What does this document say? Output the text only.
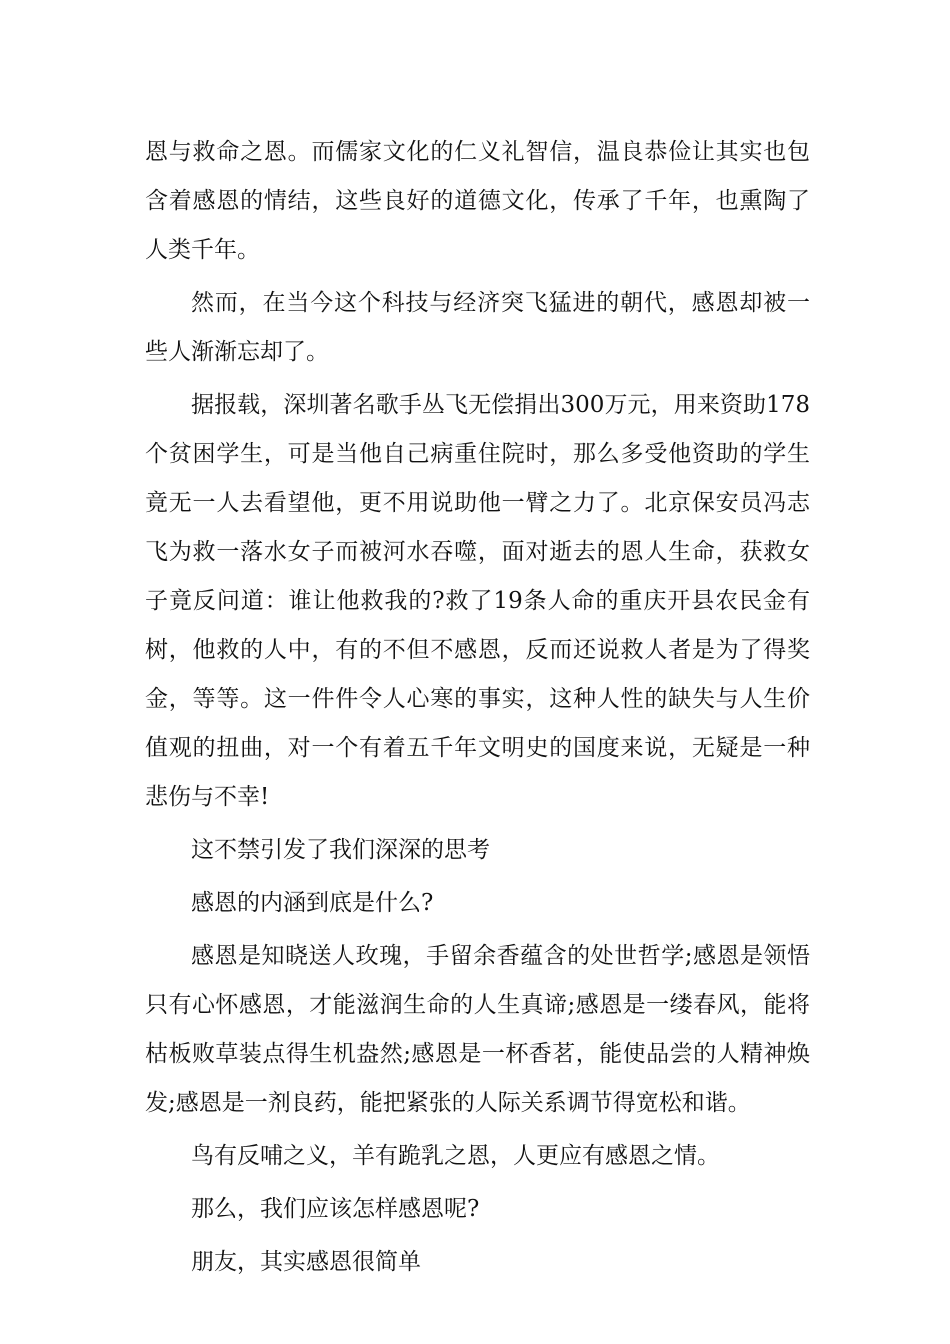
恩与救命之恩。而儒家文化的仁义礼智信，温良恭俭让其实也包含着感恩的情结，这些良好的道德文化，传承了千年，也熏陶了人类千年。

然而，在当今这个科技与经济突飞猛进的朝代，感恩却被一些人渐渐忘却了。

据报载，深圳著名歌手丛飞无偿捐出300万元，用来资助178个贫困学生，可是当他自己病重住院时，那么多受他资助的学生竟无一人去看望他，更不用说助他一臂之力了。北京保安员冯志飞为救一落水女子而被河水吞噬，面对逝去的恩人生命，获救女子竟反问道：谁让他救我的?救了19条人命的重庆开县农民金有树，他救的人中，有的不但不感恩，反而还说救人者是为了得奖金，等等。这一件件令人心寒的事实，这种人性的缺失与人生价值观的扭曲，对一个有着五千年文明史的国度来说，无疑是一种悲伤与不幸!

这不禁引发了我们深深的思考

感恩的内涵到底是什么?

感恩是知晓送人玫瑰，手留余香蕴含的处世哲学;感恩是领悟只有心怀感恩，才能滋润生命的人生真谛;感恩是一缕春风，能将枯板败草装点得生机盎然;感恩是一杯香茗，能使品尝的人精神焕发;感恩是一剂良药，能把紧张的人际关系调节得宽松和谐。

鸟有反哺之义，羊有跪乳之恩，人更应有感恩之情。

那么，我们应该怎样感恩呢?

朋友，其实感恩很简单
